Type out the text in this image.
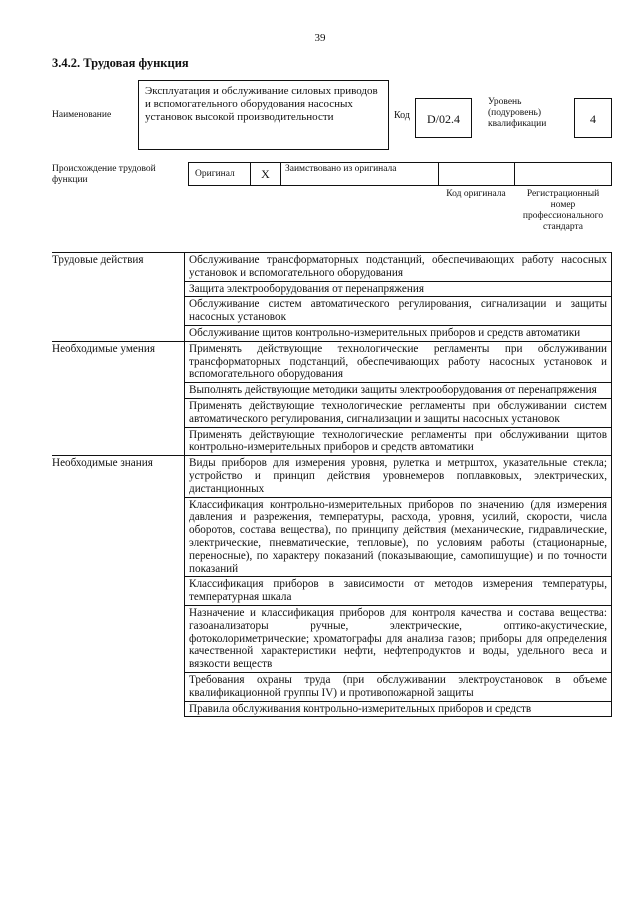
39
3.4.2. Трудовая функция
Наименование
Эксплуатация и обслуживание силовых приводов и вспомогательного оборудования насосных установок высокой производительности	Код	D/02.4
Уровень (подуровень) квалификации	4
Происхождение трудовой функции
Оригинал	X	Заимствовано из оригинала
Код оригинала	Регистрационный номер профессионального стандарта
Трудовые действия	Обслуживание трансформаторных подстанций, обеспечивающих работу насосных установок и вспомогательного оборудования
	Защита электрооборудования от перенапряжения
	Обслуживание систем автоматического регулирования, сигнализации и защиты насосных установок
	Обслуживание щитов контрольно-измерительных приборов и средств автоматики
Необходимые умения	Применять действующие технологические регламенты при обслуживании трансформаторных подстанций, обеспечивающих работу насосных установок и вспомогательного оборудования
	Выполнять действующие методики защиты электрооборудования от перенапряжения
	Применять действующие технологические регламенты при обслуживании систем автоматического регулирования, сигнализации и защиты насосных установок
	Применять действующие технологические регламенты при обслуживании щитов контрольно-измерительных приборов и средств автоматики
Необходимые знания	Виды приборов для измерения уровня, рулетка и метрштох, указательные стекла; устройство и принцип действия уровнемеров поплавковых, электрических, дистанционных
	Классификация контрольно-измерительных приборов по значению (для измерения давления и разрежения, температуры, расхода, уровня, усилий, скорости, числа оборотов, состава вещества), по принципу действия (механические, гидравлические, электрические, пневматические, тепловые), по условиям работы (стационарные, переносные), по характеру показаний (показывающие, самопишущие) и по точности показаний
	Классификация приборов в зависимости от методов измерения температуры, температурная шкала
	Назначение и классификация приборов для контроля качества и состава вещества: газоанализаторы ручные, электрические, оптико-акустические, фотоколориметрические; хроматографы для анализа газов; приборы для определения качественной характеристики нефти, нефтепродуктов и воды, удельного веса и вязкости веществ
	Требования охраны труда (при обслуживании электроустановок в объеме квалификационной группы IV) и противопожарной защиты
	Правила обслуживания контрольно-измерительных приборов и средств
